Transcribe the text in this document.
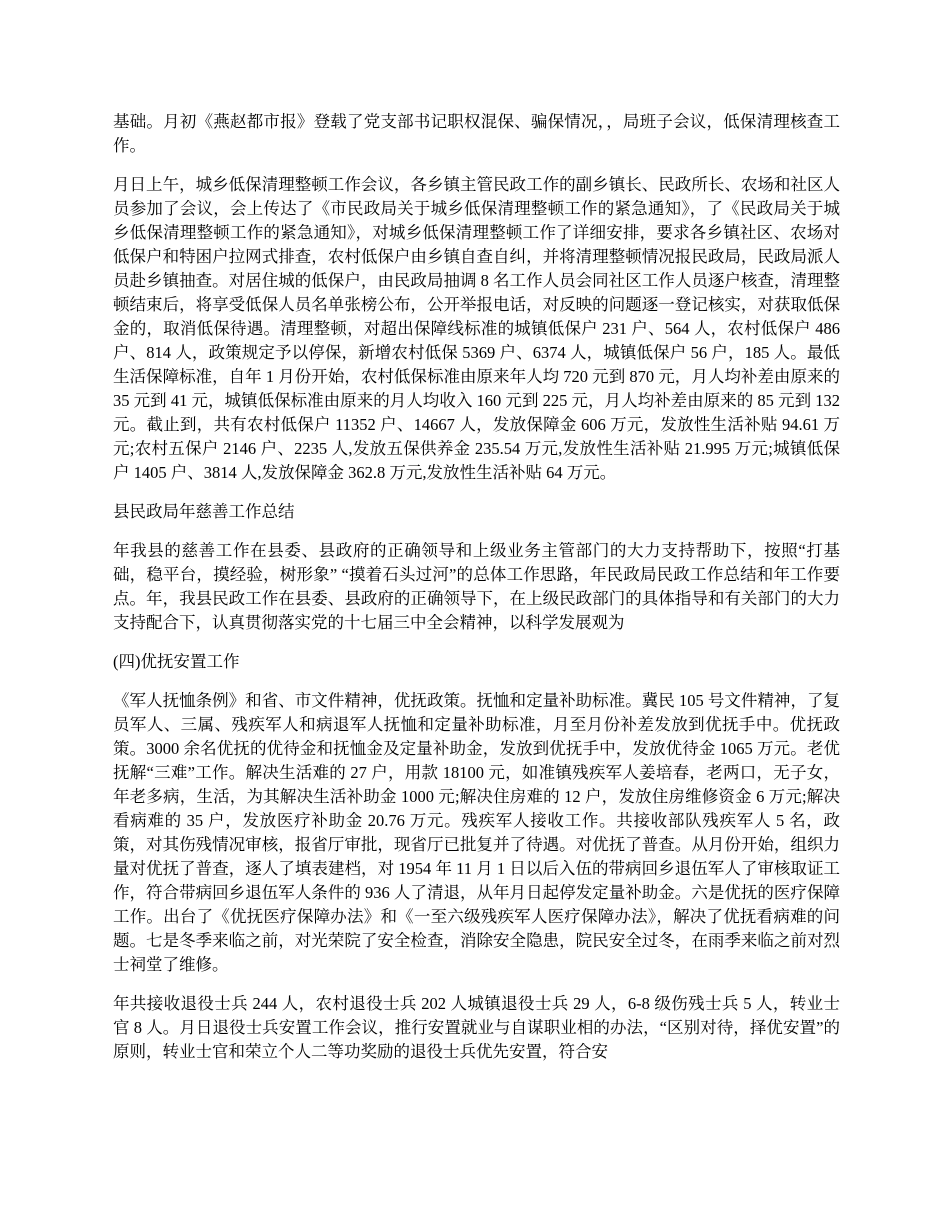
基础。月初《燕赵都市报》登载了党支部书记职权混保、骗保情况，，局班子会议，低保清理核查工作。

月日上午，城乡低保清理整顿工作会议，各乡镇主管民政工作的副乡镇长、民政所长、农场和社区人员参加了会议，会上传达了《市民政局关于城乡低保清理整顿工作的紧急通知》，了《民政局关于城乡低保清理整顿工作的紧急通知》，对城乡低保清理整顿工作了详细安排，要求各乡镇社区、农场对低保户和特困户拉网式排查，农村低保户由乡镇自查自纠，并将清理整顿情况报民政局，民政局派人员赴乡镇抽查。对居住城的低保户，由民政局抽调 8 名工作人员会同社区工作人员逐户核查，清理整顿结束后，将享受低保人员名单张榜公布，公开举报电话，对反映的问题逐一登记核实，对获取低保金的，取消低保待遇。清理整顿，对超出保障线标准的城镇低保户 231 户、564 人，农村低保户 486 户、814 人，政策规定予以停保，新增农村低保 5369 户、6374 人，城镇低保户 56 户，185 人。最低生活保障标准，自年 1 月份开始，农村低保标准由原来年人均 720 元到 870 元，月人均补差由原来的 35 元到 41 元，城镇低保标准由原来的月人均收入 160 元到 225 元，月人均补差由原来的 85 元到 132 元。截止到，共有农村低保户 11352 户、14667 人，发放保障金 606 万元，发放性生活补贴 94.61 万元;农村五保户 2146 户、2235 人,发放五保供养金 235.54 万元,发放性生活补贴 21.995 万元;城镇低保户 1405 户、3814 人,发放保障金 362.8 万元,发放性生活补贴 64 万元。

县民政局年慈善工作总结

年我县的慈善工作在县委、县政府的正确领导和上级业务主管部门的大力支持帮助下，按照“打基础，稳平台，摸经验，树形象” “摸着石头过河”的总体工作思路，年民政局民政工作总结和年工作要点。年，我县民政工作在县委、县政府的正确领导下，在上级民政部门的具体指导和有关部门的大力支持配合下，认真贯彻落实党的十七届三中全会精神，以科学发展观为

(四)优抚安置工作

《军人抚恤条例》和省、市文件精神，优抚政策。抚恤和定量补助标准。冀民 105 号文件精神，了复员军人、三属、残疾军人和病退军人抚恤和定量补助标准，月至月份补差发放到优抚手中。优抚政策。3000 余名优抚的优待金和抚恤金及定量补助金，发放到优抚手中，发放优待金 1065 万元。老优抚解“三难”工作。解决生活难的 27 户，用款 18100 元，如准镇残疾军人姜培春，老两口，无子女，年老多病，生活，为其解决生活补助金 1000 元;解决住房难的 12 户，发放住房维修资金 6 万元;解决看病难的 35 户，发放医疗补助金 20.76 万元。残疾军人接收工作。共接收部队残疾军人 5 名，政策，对其伤残情况审核，报省厅审批，现省厅已批复并了待遇。对优抚了普查。从月份开始，组织力量对优抚了普查，逐人了填表建档，对 1954 年 11 月 1 日以后入伍的带病回乡退伍军人了审核取证工作，符合带病回乡退伍军人条件的 936 人了清退，从年月日起停发定量补助金。六是优抚的医疗保障工作。出台了《优抚医疗保障办法》和《一至六级残疾军人医疗保障办法》，解决了优抚看病难的问题。七是冬季来临之前，对光荣院了安全检查，消除安全隐患，院民安全过冬，在雨季来临之前对烈士祠堂了维修。

年共接收退役士兵 244 人，农村退役士兵 202 人城镇退役士兵 29 人，6-8 级伤残士兵 5 人，转业士官 8 人。月日退役士兵安置工作会议，推行安置就业与自谋职业相的办法，“区别对待，择优安置”的原则，转业士官和荣立个人二等功奖励的退役士兵优先安置，符合安
